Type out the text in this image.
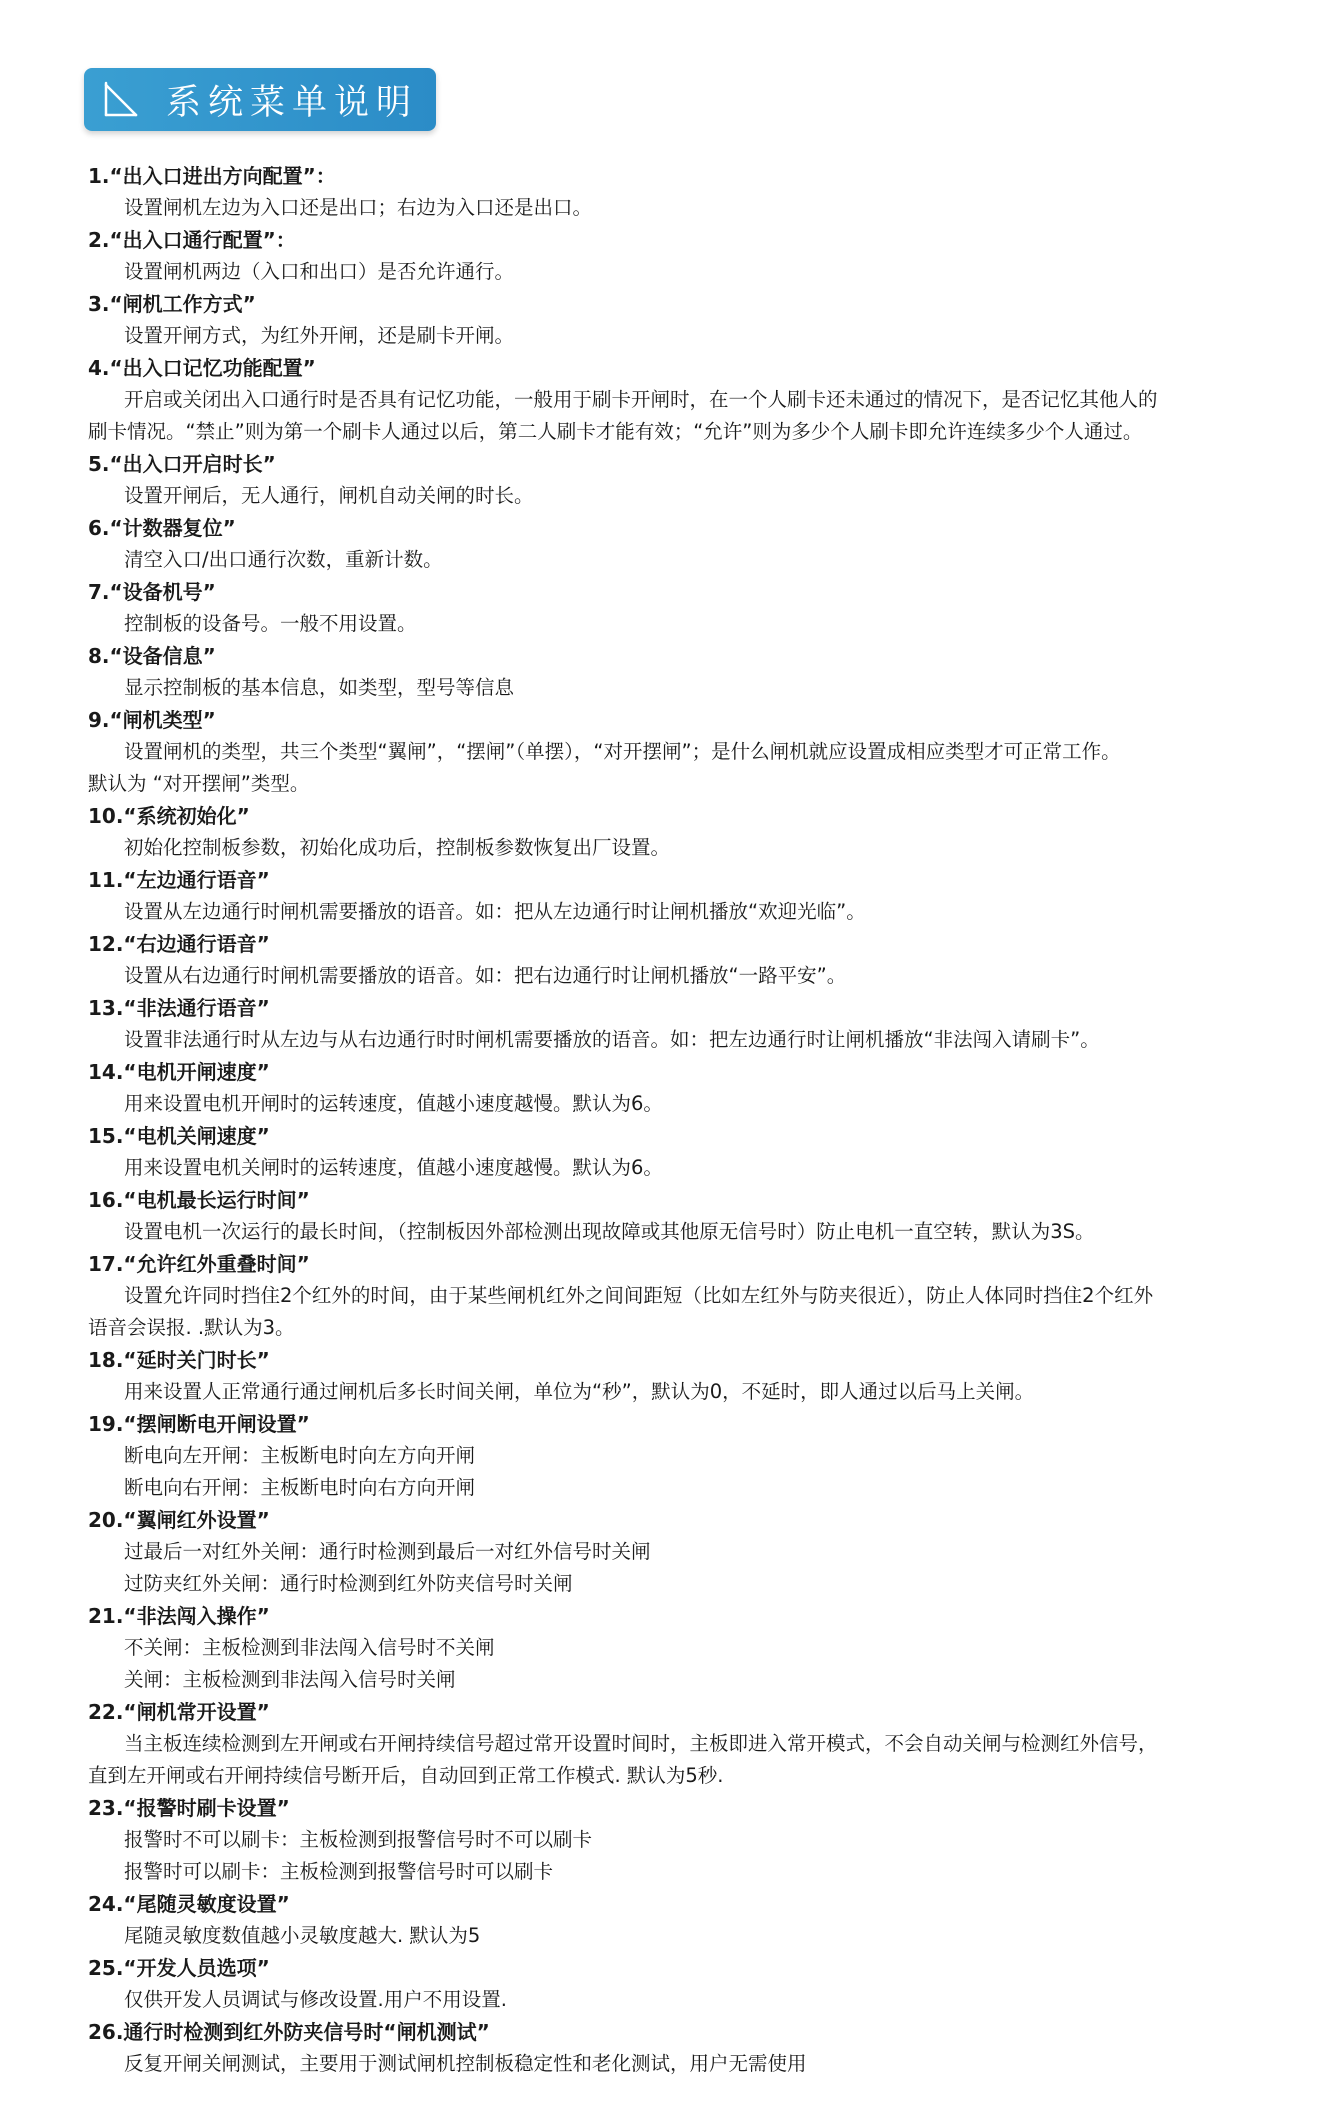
系统菜单说明
1.“出入口进出方向配置”：
设置闸机左边为入口还是出口；右边为入口还是出口。
2.“出入口通行配置”：
设置闸机两边（入口和出口）是否允许通行。
3.“闸机工作方式”
设置开闸方式，为红外开闸，还是刷卡开闸。
4.“出入口记忆功能配置”
开启或关闭出入口通行时是否具有记忆功能，一般用于刷卡开闸时，在一个人刷卡还未通过的情况下，是否记忆其他人的
刷卡情况。“禁止”则为第一个刷卡人通过以后，第二人刷卡才能有效；“允许”则为多少个人刷卡即允许连续多少个人通过。
5.“出入口开启时长”
设置开闸后，无人通行，闸机自动关闸的时长。
6.“计数器复位”
清空入口/出口通行次数，重新计数。
7.“设备机号”
控制板的设备号。一般不用设置。
8.“设备信息”
显示控制板的基本信息，如类型，型号等信息
9.“闸机类型”
设置闸机的类型，共三个类型“翼闸”，“摆闸”（单摆），“对开摆闸”；是什么闸机就应设置成相应类型才可正常工作。
默认为 “对开摆闸”类型。
10.“系统初始化”
初始化控制板参数，初始化成功后，控制板参数恢复出厂设置。
11.“左边通行语音”
设置从左边通行时闸机需要播放的语音。如：把从左边通行时让闸机播放“欢迎光临”。
12.“右边通行语音”
设置从右边通行时闸机需要播放的语音。如：把右边通行时让闸机播放“一路平安”。
13.“非法通行语音”
设置非法通行时从左边与从右边通行时时闸机需要播放的语音。如：把左边通行时让闸机播放“非法闯入请刷卡”。
14.“电机开闸速度”
用来设置电机开闸时的运转速度，值越小速度越慢。默认为6。
15.“电机关闸速度”
用来设置电机关闸时的运转速度，值越小速度越慢。默认为6。
16.“电机最长运行时间”
设置电机一次运行的最长时间，（控制板因外部检测出现故障或其他原无信号时）防止电机一直空转，默认为3S。
17.“允许红外重叠时间”
设置允许同时挡住2个红外的时间，由于某些闸机红外之间间距短（比如左红外与防夹很近），防止人体同时挡住2个红外
语音会误报. .默认为3。
18.“延时关门时长”
用来设置人正常通行通过闸机后多长时间关闸，单位为“秒”，默认为0，不延时，即人通过以后马上关闸。
19.“摆闸断电开闸设置”
断电向左开闸：主板断电时向左方向开闸
断电向右开闸：主板断电时向右方向开闸
20.“翼闸红外设置”
过最后一对红外关闸：通行时检测到最后一对红外信号时关闸
过防夹红外关闸：通行时检测到红外防夹信号时关闸
21.“非法闯入操作”
不关闸：主板检测到非法闯入信号时不关闸
关闸：主板检测到非法闯入信号时关闸
22.“闸机常开设置”
当主板连续检测到左开闸或右开闸持续信号超过常开设置时间时，主板即进入常开模式，不会自动关闸与检测红外信号，
直到左开闸或右开闸持续信号断开后，自动回到正常工作模式. 默认为5秒.
23.“报警时刷卡设置”
报警时不可以刷卡：主板检测到报警信号时不可以刷卡
报警时可以刷卡：主板检测到报警信号时可以刷卡
24.“尾随灵敏度设置”
尾随灵敏度数值越小灵敏度越大. 默认为5
25.“开发人员选项”
仅供开发人员调试与修改设置.用户不用设置.
26.通行时检测到红外防夹信号时“闸机测试”
反复开闸关闸测试，主要用于测试闸机控制板稳定性和老化测试，用户无需使用
